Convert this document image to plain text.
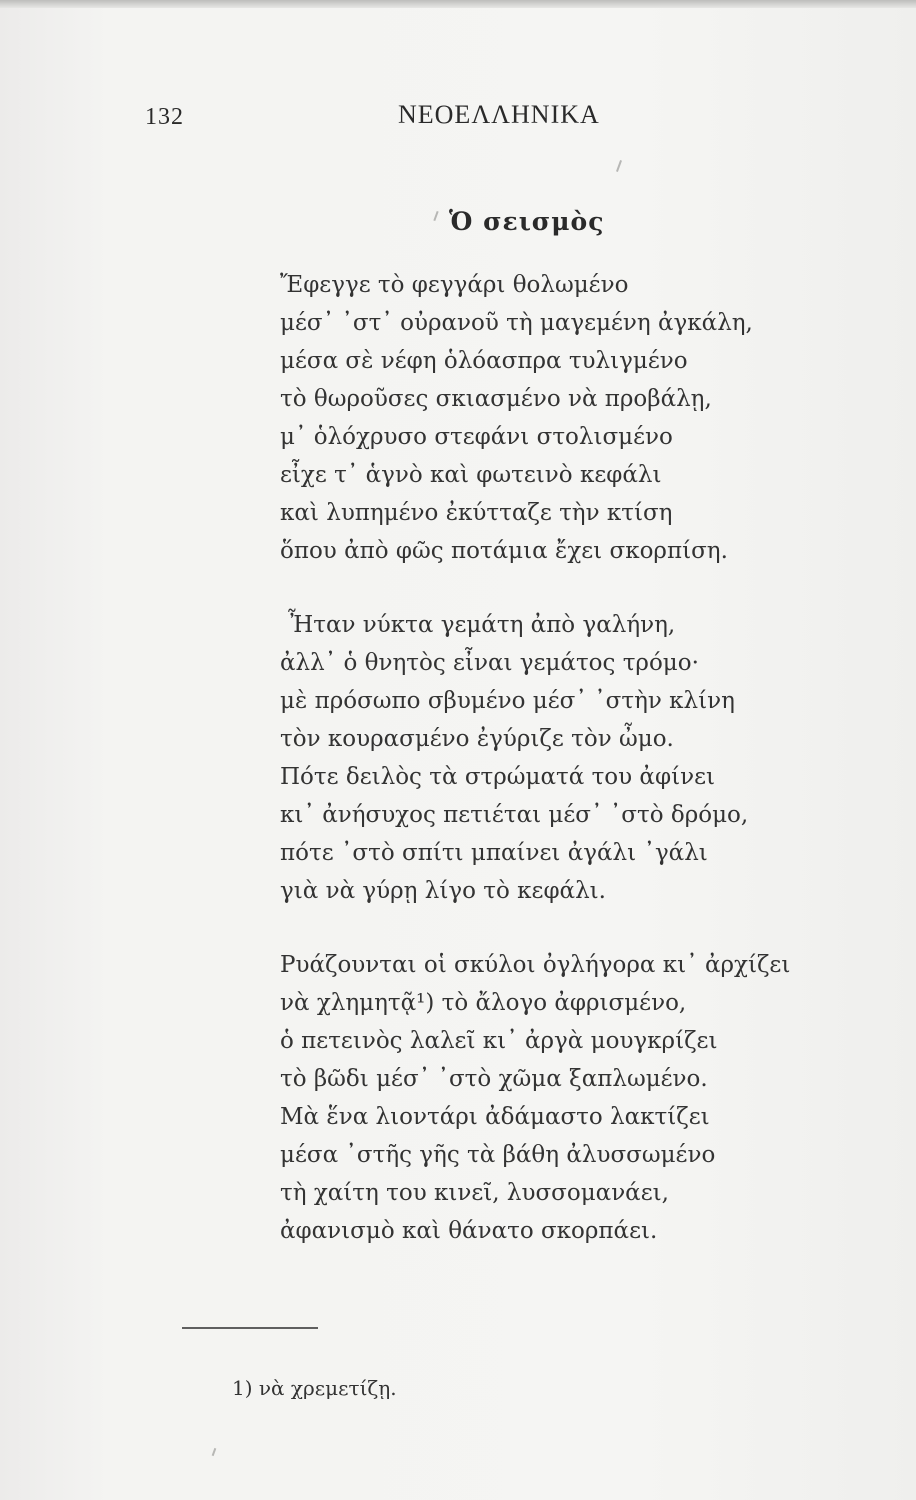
132	ΝΕΟΕΛΛΗΝΙΚΑ
Ὁ σεισμὸς
Ἔφεγγε τὸ φεγγάρι θολωμένο
μέσ᾽ ᾽στ᾽ οὐρανοῦ τὴ μαγεμένη ἀγκάλη,
μέσα σὲ νέφη ὁλόασπρα τυλιγμένο
τὸ θωροῦσες σκιασμένο νὰ προβάλῃ,
μ᾽ ὁλόχρυσο στεφάνι στολισμένο
εἶχε τ᾽ ἁγνὸ καὶ φωτεινὸ κεφάλι
καὶ λυπημένο ἐκύτταζε τὴν κτίση
ὅπου ἀπὸ φῶς ποτάμια ἔχει σκορπίση.
Ἦταν νύκτα γεμάτη ἀπὸ γαλήνη,
ἀλλ᾽ ὁ θνητὸς εἶναι γεμάτος τρόμο·
μὲ πρόσωπο σβυμένο μέσ᾽ ᾽στὴν κλίνη
τὸν κουρασμένο ἐγύριζε τὸν ὦμο.
Πότε δειλὸς τὰ στρώματά του ἀφίνει
κι᾽ ἀνήσυχος πετιέται μέσ᾽ ᾽στὸ δρόμο,
πότε ᾽στὸ σπίτι μπαίνει ἀγάλι ᾽γάλι
γιὰ νὰ γύρῃ λίγο τὸ κεφάλι.
Ρυάζουνται οἱ σκύλοι ὀγλήγορα κι᾽ ἀρχίζει
νὰ χλημητᾷ¹) τὸ ἄλογο ἀφρισμένο,
ὁ πετεινὸς λαλεῖ κι᾽ ἀργὰ μουγκρίζει
τὸ βῶδι μέσ᾽ ᾽στὸ χῶμα ξαπλωμένο.
Μὰ ἕνα λιοντάρι ἀδάμαστο λακτίζει
μέσα ᾽στῆς γῆς τὰ βάθη ἀλυσσωμένο
τὴ χαίτη του κινεῖ, λυσσομανάει,
ἀφανισμὸ καὶ θάνατο σκορπάει.
1) νὰ χρεμετίζῃ.
